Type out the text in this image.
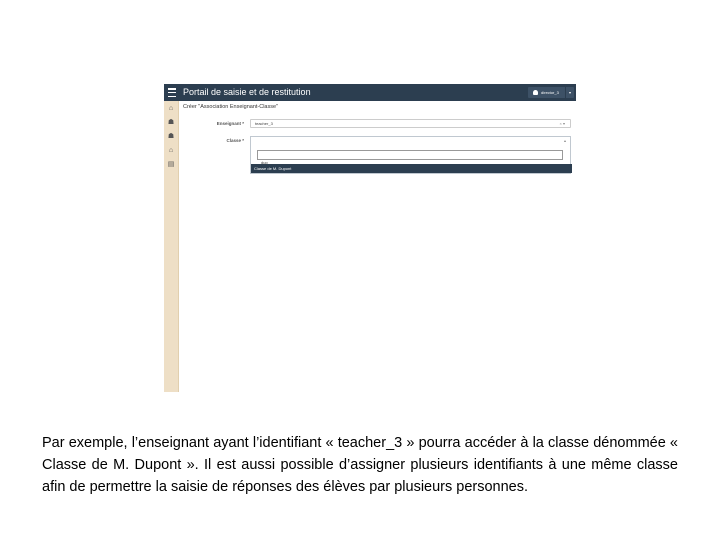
Portail de saisie et de restitution	director_3	▾
⌂
☗
☗
⌂
▤
Créer "Association Enseignant-Classe"
Enseignant *	teacher_3	× ▾
Classe *	▴
dup
Classe de M. Dupont

Par exemple, l’enseignant ayant l’identifiant « teacher_3 » pourra accéder à la classe dénommée « Classe de M. Dupont ». Il est aussi possible d’assigner plusieurs identifiants à une même classe afin de permettre la saisie de réponses des élèves par plusieurs personnes.
